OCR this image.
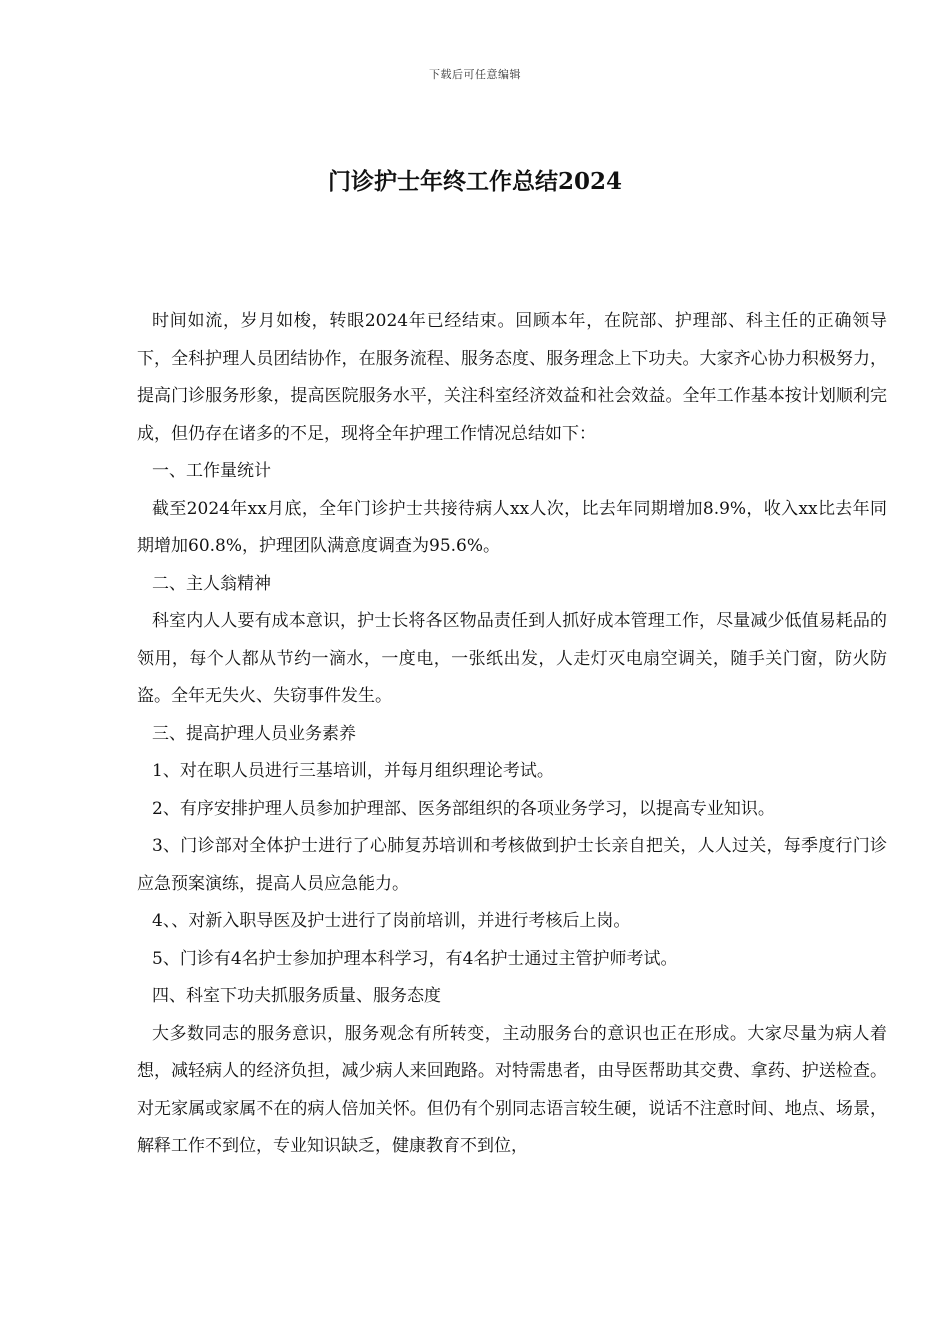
下载后可任意编辑
门诊护士年终工作总结2024

时间如流，岁月如梭，转眼2024年已经结束。回顾本年，在院部、护理部、科主任的正确领导下，全科护理人员团结协作，在服务流程、服务态度、服务理念上下功夫。大家齐心协力积极努力，提高门诊服务形象，提高医院服务水平，关注科室经济效益和社会效益。全年工作基本按计划顺利完成，但仍存在诸多的不足，现将全年护理工作情况总结如下：

一、工作量统计

截至2024年xx月底，全年门诊护士共接待病人xx人次，比去年同期增加8.9%，收入xx比去年同期增加60.8%，护理团队满意度调查为95.6%。

二、主人翁精神

科室内人人要有成本意识，护士长将各区物品责任到人抓好成本管理工作，尽量减少低值易耗品的领用，每个人都从节约一滴水，一度电，一张纸出发，人走灯灭电扇空调关，随手关门窗，防火防盗。全年无失火、失窃事件发生。

三、提高护理人员业务素养

1、对在职人员进行三基培训，并每月组织理论考试。

2、有序安排护理人员参加护理部、医务部组织的各项业务学习，以提高专业知识。

3、门诊部对全体护士进行了心肺复苏培训和考核做到护士长亲自把关，人人过关，每季度行门诊应急预案演练，提高人员应急能力。

4、、对新入职导医及护士进行了岗前培训，并进行考核后上岗。

5、门诊有4名护士参加护理本科学习，有4名护士通过主管护师考试。

四、科室下功夫抓服务质量、服务态度

大多数同志的服务意识，服务观念有所转变，主动服务台的意识也正在形成。大家尽量为病人着想，减轻病人的经济负担，减少病人来回跑路。对特需患者，由导医帮助其交费、拿药、护送检查。对无家属或家属不在的病人倍加关怀。但仍有个别同志语言较生硬，说话不注意时间、地点、场景，解释工作不到位，专业知识缺乏，健康教育不到位，
